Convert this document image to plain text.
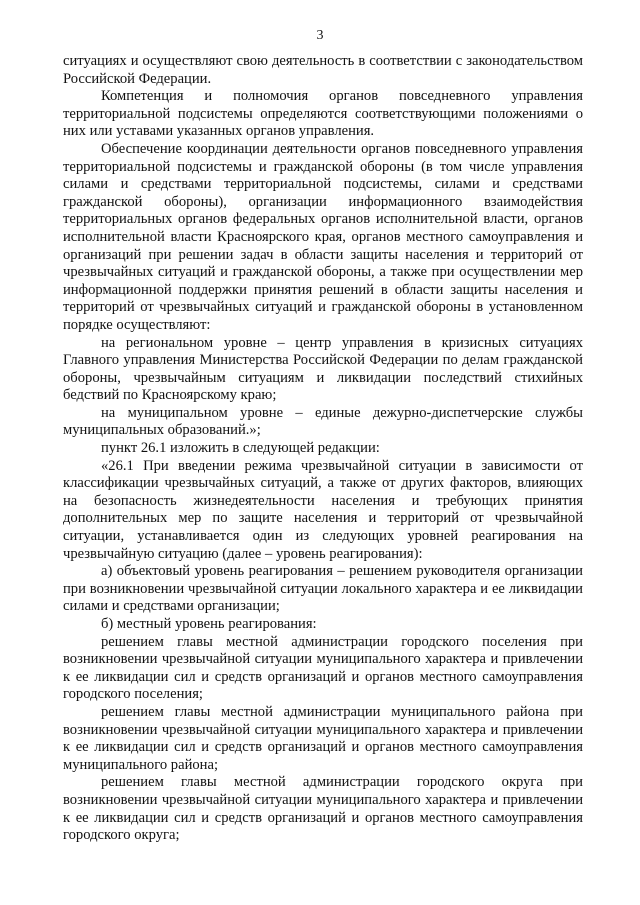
3

ситуациях и осуществляют свою деятельность в соответствии с законодательством Российской Федерации.

Компетенция и полномочия органов повседневного управления территориальной подсистемы определяются соответствующими положениями о них или уставами указанных органов управления.

Обеспечение координации деятельности органов повседневного управления территориальной подсистемы и гражданской обороны (в том числе управления силами и средствами территориальной подсистемы, силами и средствами гражданской обороны), организации информационного взаимодействия территориальных органов федеральных органов исполнительной власти, органов исполнительной власти Красноярского края, органов местного самоуправления и организаций при решении задач в области защиты населения и территорий от чрезвычайных ситуаций и гражданской обороны, а также при осуществлении мер информационной поддержки принятия решений в области защиты населения и территорий от чрезвычайных ситуаций и гражданской обороны в установленном порядке осуществляют:

на региональном уровне – центр управления в кризисных ситуациях Главного управления Министерства Российской Федерации по делам гражданской обороны, чрезвычайным ситуациям и ликвидации последствий стихийных бедствий по Красноярскому краю;

на муниципальном уровне – единые дежурно-диспетчерские службы муниципальных образований.»;

пункт 26.1 изложить в следующей редакции:

«26.1 При введении режима чрезвычайной ситуации в зависимости от классификации чрезвычайных ситуаций, а также от других факторов, влияющих на безопасность жизнедеятельности населения и требующих принятия дополнительных мер по защите населения и территорий от чрезвычайной ситуации, устанавливается один из следующих уровней реагирования на чрезвычайную ситуацию (далее – уровень реагирования):

а) объектовый уровень реагирования – решением руководителя организации при возникновении чрезвычайной ситуации локального характера и ее ликвидации силами и средствами организации;

б) местный уровень реагирования:

решением главы местной администрации городского поселения при возникновении чрезвычайной ситуации муниципального характера и привлечении к ее ликвидации сил и средств организаций и органов местного самоуправления городского поселения;

решением главы местной администрации муниципального района при возникновении чрезвычайной ситуации муниципального характера и привлечении к ее ликвидации сил и средств организаций и органов местного самоуправления муниципального района;

решением главы местной администрации городского округа при возникновении чрезвычайной ситуации муниципального характера и привлечении к ее ликвидации сил и средств организаций и органов местного самоуправления городского округа;
